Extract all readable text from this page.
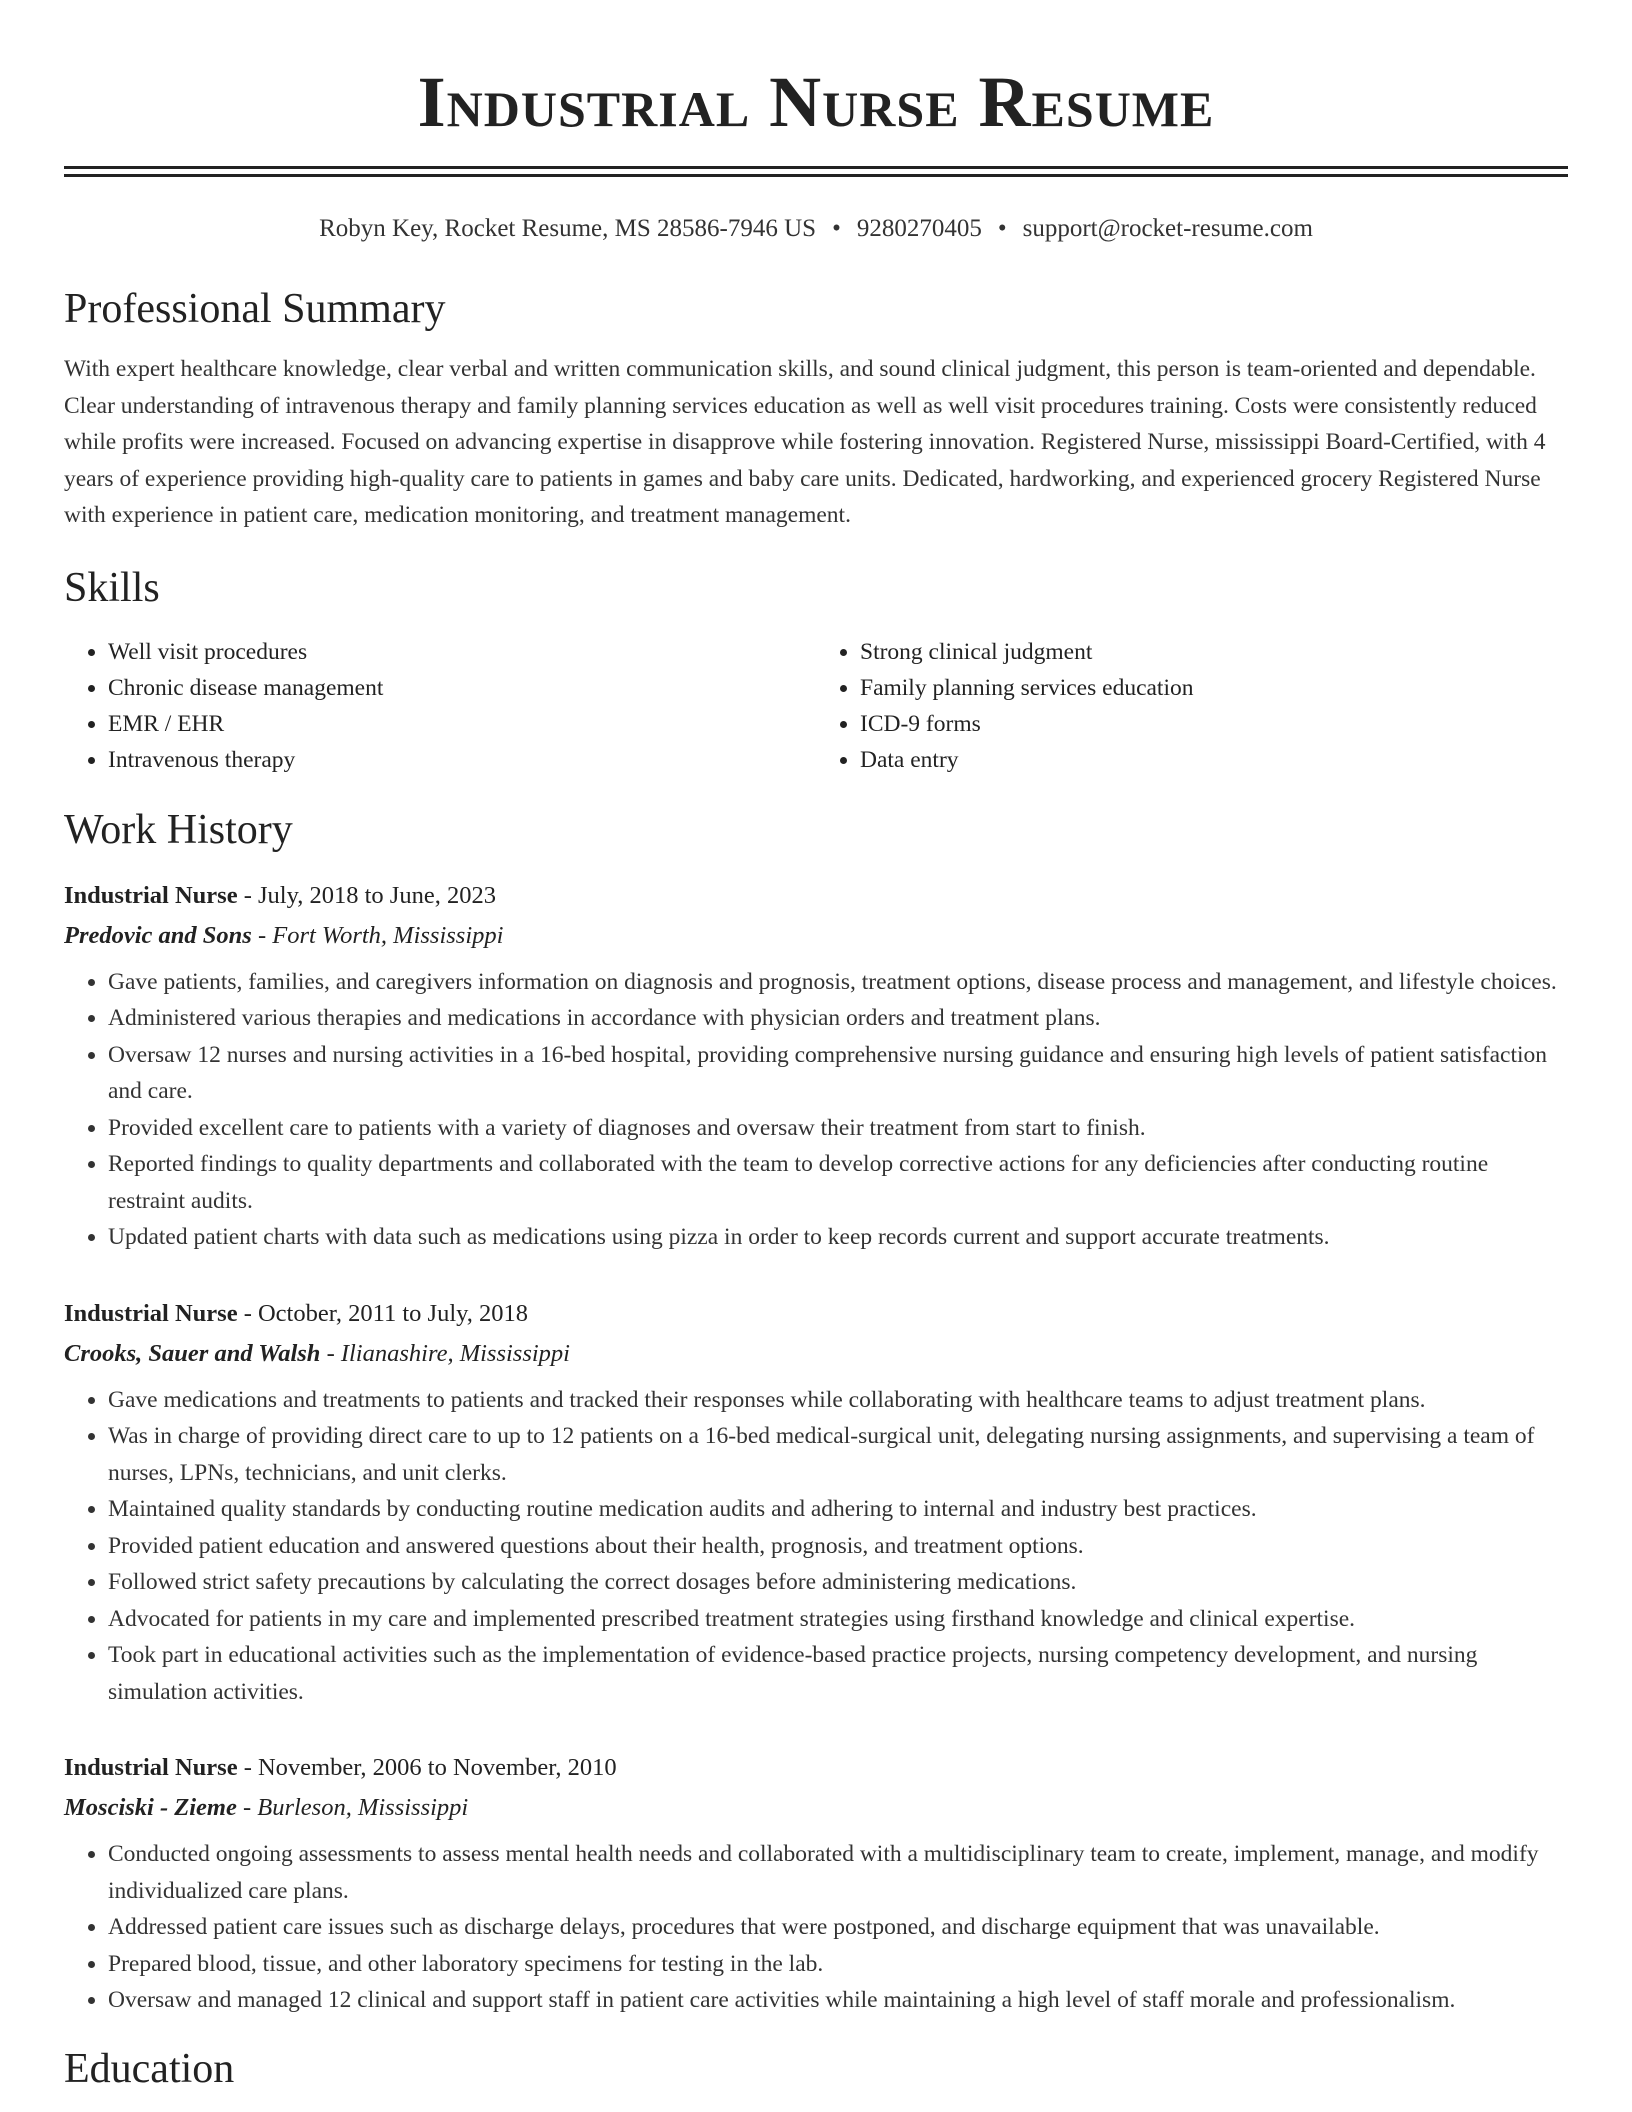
Industrial Nurse Resume
Robyn Key, Rocket Resume, MS 28586-7946 US • 9280270405 • support@rocket-resume.com
Professional Summary

With expert healthcare knowledge, clear verbal and written communication skills, and sound clinical judgment, this person is team-oriented and dependable. Clear understanding of intravenous therapy and family planning services education as well as well visit procedures training. Costs were consistently reduced while profits were increased. Focused on advancing expertise in disapprove while fostering innovation. Registered Nurse, mississippi Board-Certified, with 4 years of experience providing high-quality care to patients in games and baby care units. Dedicated, hardworking, and experienced grocery Registered Nurse with experience in patient care, medication monitoring, and treatment management.

Skills
• Well visit procedures
• Chronic disease management
• EMR / EHR
• Intravenous therapy
• Strong clinical judgment
• Family planning services education
• ICD-9 forms
• Data entry
Work History
Industrial Nurse - July, 2018 to June, 2023
Predovic and Sons - Fort Worth, Mississippi
• Gave patients, families, and caregivers information on diagnosis and prognosis, treatment options, disease process and management, and lifestyle choices.
• Administered various therapies and medications in accordance with physician orders and treatment plans.
• Oversaw 12 nurses and nursing activities in a 16-bed hospital, providing comprehensive nursing guidance and ensuring high levels of patient satisfaction and care.
• Provided excellent care to patients with a variety of diagnoses and oversaw their treatment from start to finish.
• Reported findings to quality departments and collaborated with the team to develop corrective actions for any deficiencies after conducting routine restraint audits.
• Updated patient charts with data such as medications using pizza in order to keep records current and support accurate treatments.
Industrial Nurse - October, 2011 to July, 2018
Crooks, Sauer and Walsh - Ilianashire, Mississippi
• Gave medications and treatments to patients and tracked their responses while collaborating with healthcare teams to adjust treatment plans.
• Was in charge of providing direct care to up to 12 patients on a 16-bed medical-surgical unit, delegating nursing assignments, and supervising a team of nurses, LPNs, technicians, and unit clerks.
• Maintained quality standards by conducting routine medication audits and adhering to internal and industry best practices.
• Provided patient education and answered questions about their health, prognosis, and treatment options.
• Followed strict safety precautions by calculating the correct dosages before administering medications.
• Advocated for patients in my care and implemented prescribed treatment strategies using firsthand knowledge and clinical expertise.
• Took part in educational activities such as the implementation of evidence-based practice projects, nursing competency development, and nursing simulation activities.
Industrial Nurse - November, 2006 to November, 2010
Mosciski - Zieme - Burleson, Mississippi
• Conducted ongoing assessments to assess mental health needs and collaborated with a multidisciplinary team to create, implement, manage, and modify individualized care plans.
• Addressed patient care issues such as discharge delays, procedures that were postponed, and discharge equipment that was unavailable.
• Prepared blood, tissue, and other laboratory specimens for testing in the lab.
• Oversaw and managed 12 clinical and support staff in patient care activities while maintaining a high level of staff morale and professionalism.
Education
